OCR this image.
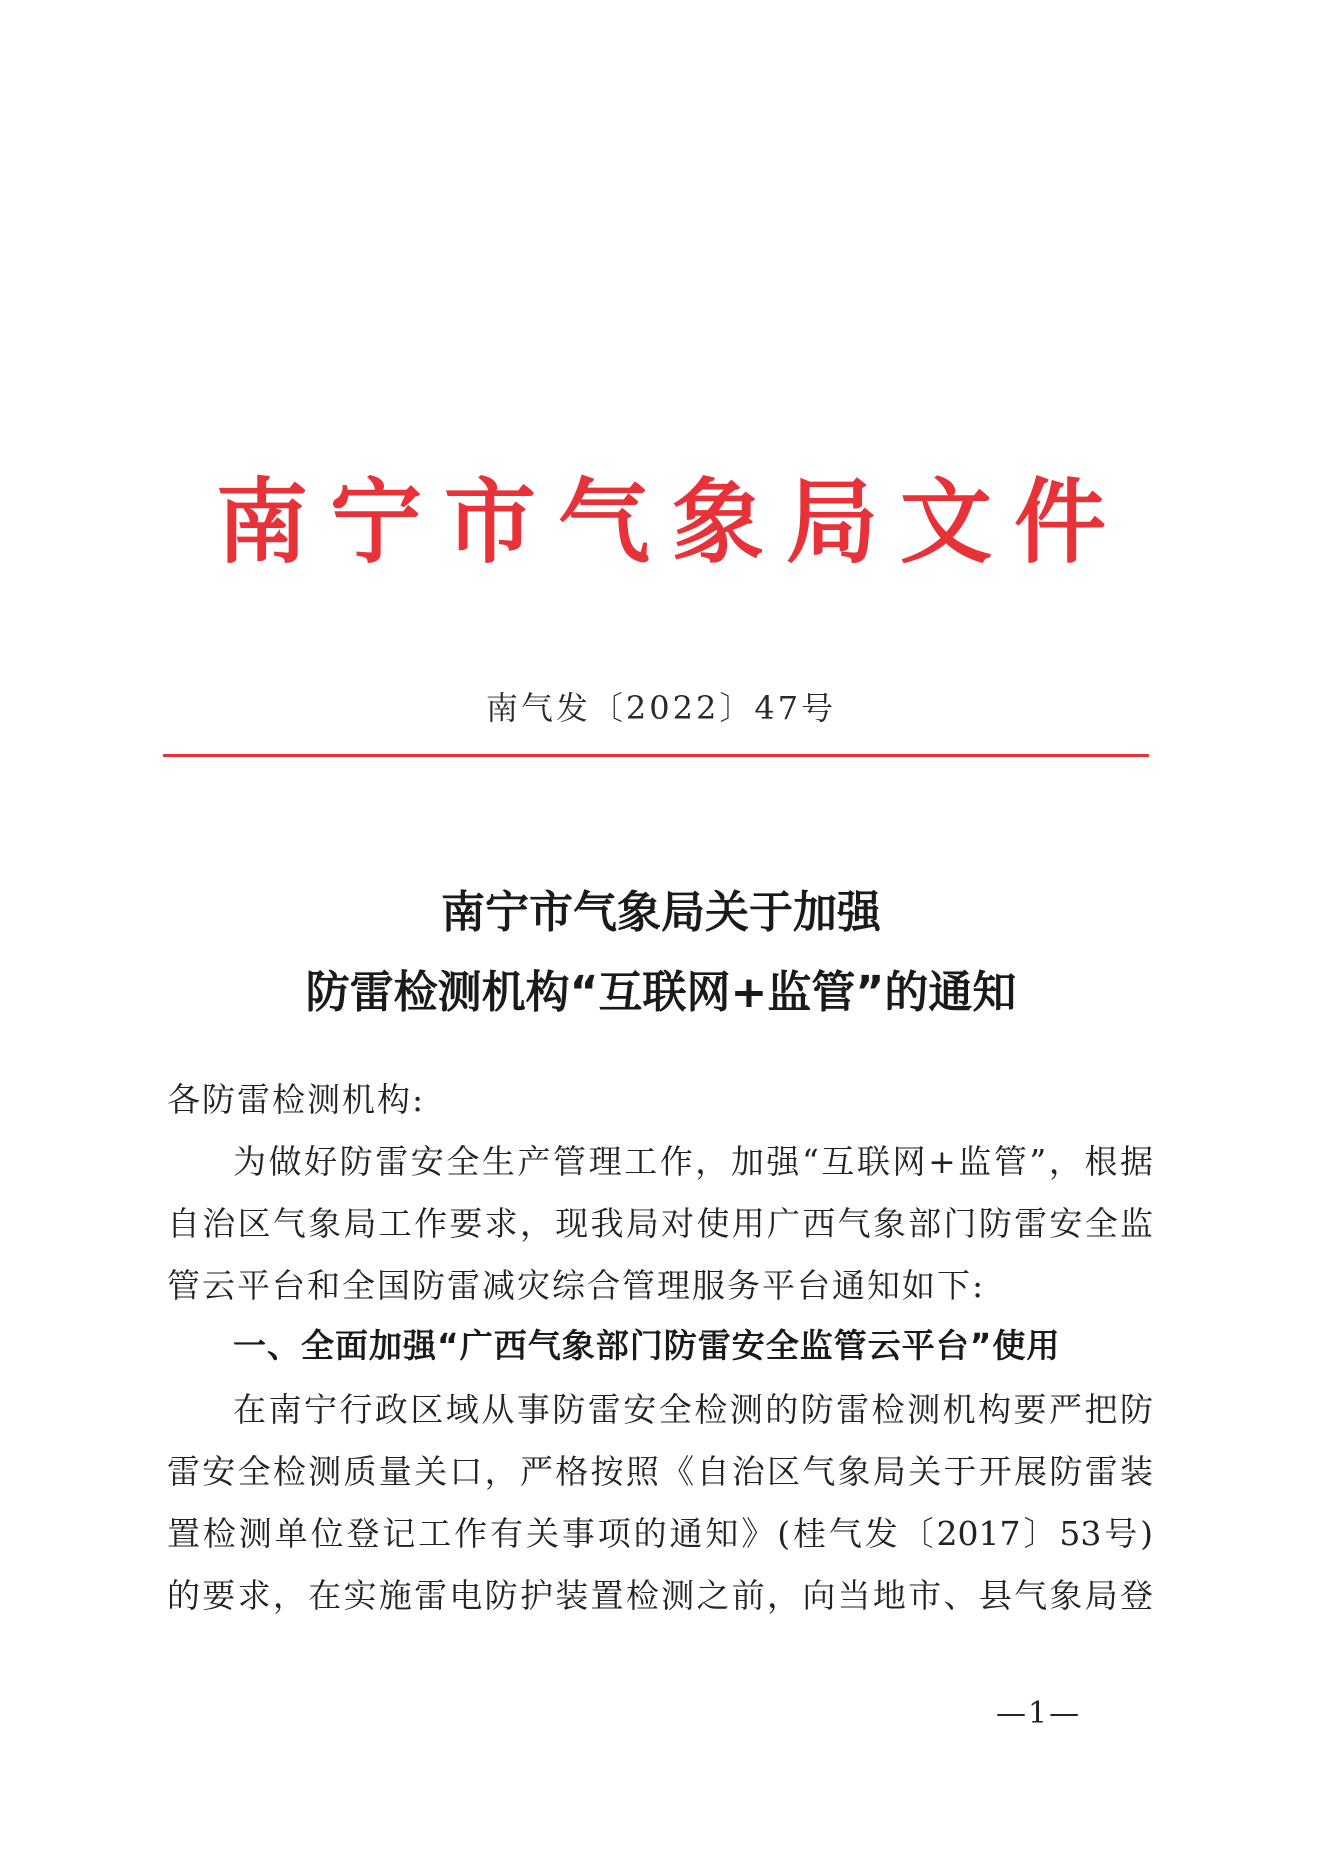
南宁市气象局文件
南气发〔2022〕47号
南宁市气象局关于加强
防雷检测机构“互联网+监管”的通知
各防雷检测机构:
为做好防雷安全生产管理工作，加强“互联网+监管”，根据
自治区气象局工作要求，现我局对使用广西气象部门防雷安全监
管云平台和全国防雷减灾综合管理服务平台通知如下:
一、全面加强“广西气象部门防雷安全监管云平台”使用
在南宁行政区域从事防雷安全检测的防雷检测机构要严把防
雷安全检测质量关口，严格按照《自治区气象局关于开展防雷装
置检测单位登记工作有关事项的通知》(桂气发〔2017〕53号)
的要求，在实施雷电防护装置检测之前，向当地市、县气象局登
—1—
